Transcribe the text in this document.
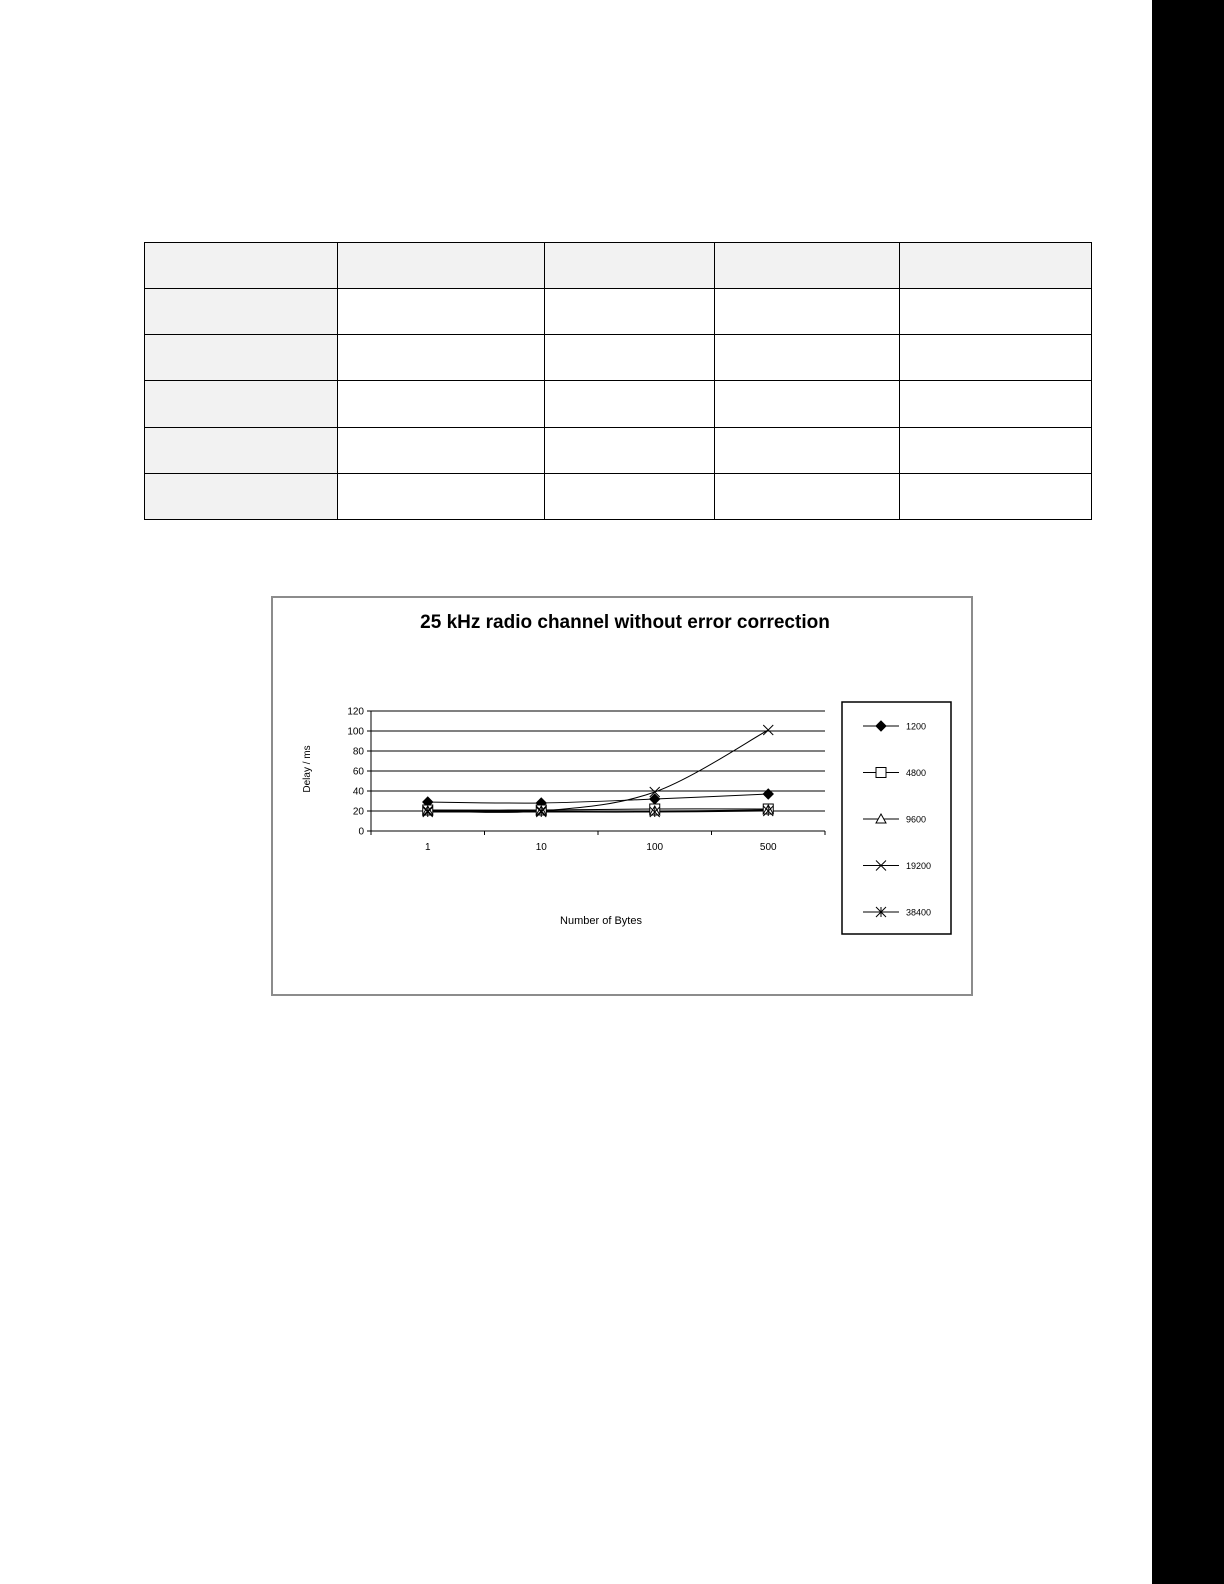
25 kHz radio channel without error correction
0
20
40
60
80
100
120
1	10	100	500
Number of Bytes
Delay / ms
1200
4800
9600
19200
38400
